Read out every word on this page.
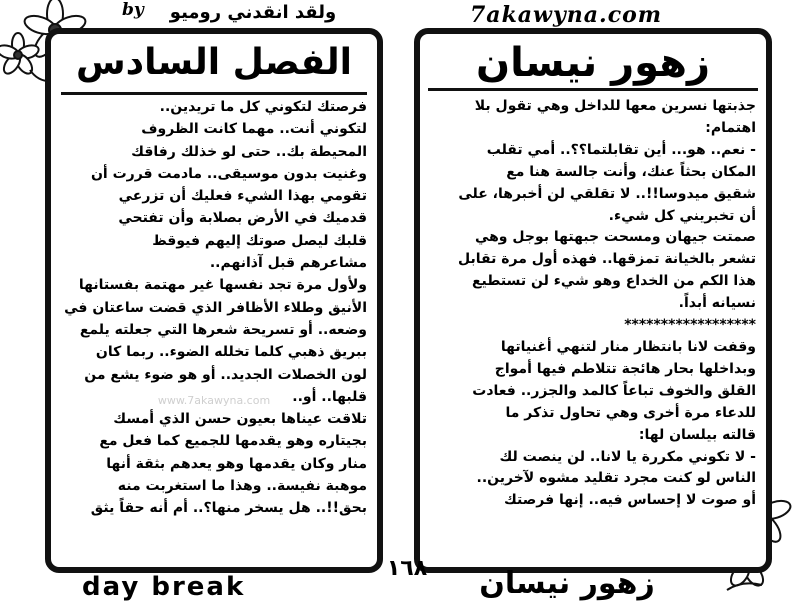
by ولقد انقدني روميو	7akawyna.com
الفصل السادس
فرصتك لتكوني كل ما تريدين..
لتكوني أنت.. مهما كانت الظروف
المحيطة بك.. حتى لو خذلك رفاقك
وغنيت بدون موسيقى.. مادمت قررت أن
تقومي بهذا الشيء فعليك أن تزرعي
قدميك في الأرض بصلابة وأن تفتحي
قلبك ليصل صوتك إليهم فيوقظ
مشاعرهم قبل آذانهم..
ولأول مرة تجد نفسها غير مهتمة بفستانها
الأنيق وطلاء الأظافر الذي قضت ساعتان في
وضعه.. أو تسريحة شعرها التي جعلته يلمع
ببريق ذهبي كلما تخلله الضوء.. ربما كان
لون الخصلات الجديد.. أو هو ضوء يشع من
قلبها.. أو..
تلاقت عيناها بعيون حسن الذي أمسك
بجيتاره وهو يقدمها للجميع كما فعل مع
منار وكان يقدمها وهو يعدهم بثقة أنها
موهبة نفيسة.. وهذا ما استغربت منه
بحق!!.. هل يسخر منها؟.. أم أنه حقاً يثق
www.7akawyna.com
زهور نيسان
جذبتها نسرين معها للداخل وهي تقول بلا
اهتمام:
- نعم.. هو... أين تقابلتما؟؟.. أمي تقلب
المكان بحثاً عنك، وأنت جالسة هنا مع
شقيق ميدوسا!!.. لا تقلقي لن أخبرها، على
أن تخبريني كل شيء.
صمتت جيهان ومسحت جبهتها بوجل وهي
تشعر بالخيانة تمزقها.. فهذه أول مرة تقابل
هذا الكم من الخداع وهو شيء لن تستطيع
نسيانه أبداً.
******************
وقفت لانا بانتظار منار لتنهي أغنياتها
وبداخلها بحار هائجة تتلاطم فيها أمواج
القلق والخوف تباعاً كالمد والجزر.. فعادت
للدعاء مرة أخرى وهي تحاول تذكر ما
قالته بيلسان لها:
- لا تكوني مكررة يا لانا.. لن ينصت لك
الناس لو كنت مجرد تقليد مشوه لآخرين..
أو صوت لا إحساس فيه.. إنها فرصتك
day break
١٦٨	زهور نيسان
